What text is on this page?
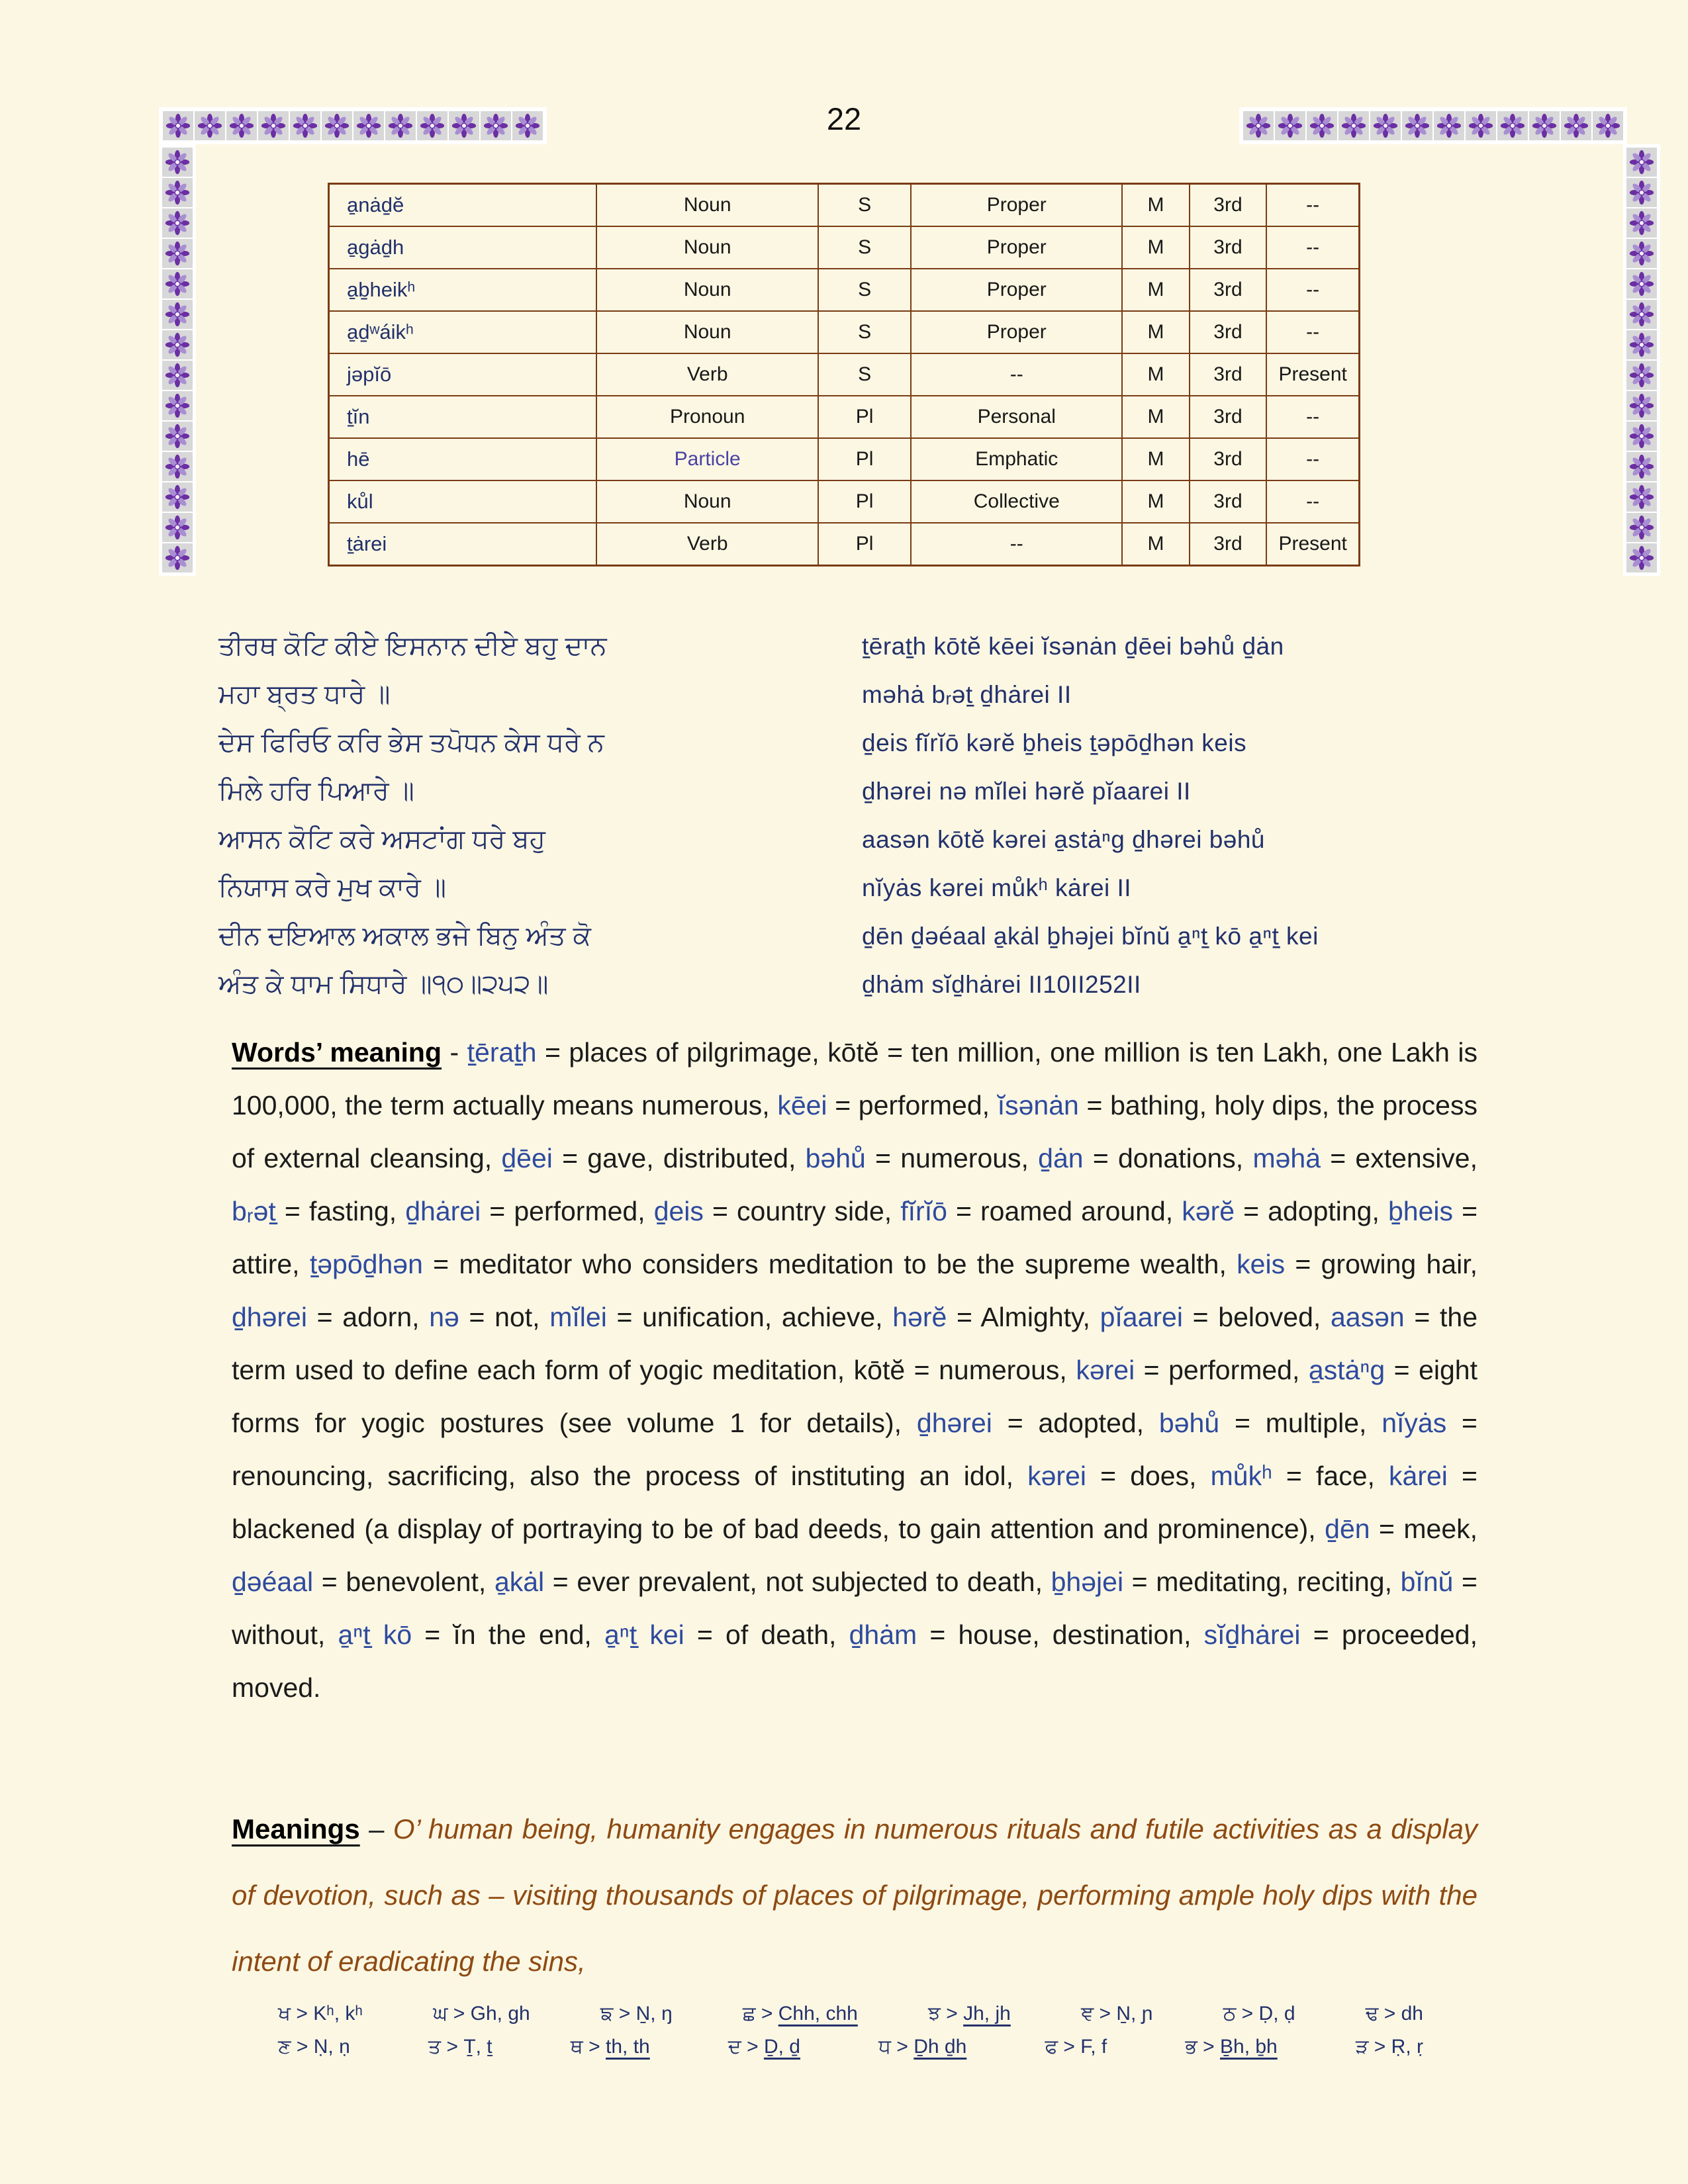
22
a̱nȧd̠ĕ	Noun	S	Proper	M	3rd	--
a̱gȧd̠h	Noun	S	Proper	M	3rd	--
a̱b̠heikʰ	Noun	S	Proper	M	3rd	--
a̱d̠ʷáikʰ	Noun	S	Proper	M	3rd	--
jəpĭō	Verb	S	--	M	3rd	Present
t̠ĭn	Pronoun	Pl	Personal	M	3rd	--
hē	Particle	Pl	Emphatic	M	3rd	--
kůl	Noun	Pl	Collective	M	3rd	--
t̠ȧrei	Verb	Pl	--	M	3rd	Present
ਤੀਰਥ ਕੋਟਿ ਕੀਏ ਇਸਨਾਨ ਦੀਏ ਬਹੁ ਦਾਨ	t̠ērat̠h kōtĕ kēei ĭsənȧn d̠ēei bəhů d̠ȧn
ਮਹਾ ਬ੍ਰਤ ਧਾਰੇ ॥	məhȧ bᵣət̠ d̠hȧrei II
ਦੇਸ ਫਿਰਿਓ ਕਰਿ ਭੇਸ ਤਪੋਧਨ ਕੇਸ ਧਰੇ ਨ	d̠eis fĭrĭō kərĕ b̠heis t̠əpōd̠hən keis
ਮਿਲੇ ਹਰਿ ਪਿਆਰੇ ॥	d̠hərei nə mĭlei hərĕ pĭaarei II
ਆਸਨ ਕੋਟਿ ਕਰੇ ਅਸਟਾਂਗ ਧਰੇ ਬਹੁ	aasən kōtĕ kərei a̱stȧⁿg d̠hərei bəhů
ਨਿਯਾਸ ਕਰੇ ਮੁਖ ਕਾਰੇ ॥	nĭyȧs kərei můkʰ kȧrei II
ਦੀਨ ਦਇਆਲ ਅਕਾਲ ਭਜੇ ਬਿਨੁ ਅੰਤ ਕੋ	d̠ēn d̠əéaal a̱kȧl b̠həjei bĭnŭ a̱ⁿt̠ kō a̱ⁿt̠ kei
ਅੰਤ ਕੇ ਧਾਮ ਸਿਧਾਰੇ ॥੧੦॥੨੫੨॥	d̠hȧm sĭd̠hȧrei II10II252II
Words’ meaning - t̠ērat̠h = places of pilgrimage, kōtĕ = ten million, one million is ten Lakh, one Lakh is 100,000, the term actually means numerous, kēei = performed, ĭsənȧn = bathing, holy dips, the process of external cleansing, d̠ēei = gave, distributed, bəhů = numerous, d̠ȧn = donations, məhȧ = extensive, bᵣət̠ = fasting, d̠hȧrei = performed, d̠eis = country side, fĭrĭō = roamed around, kərĕ = adopting, b̠heis = attire, t̠əpōd̠hən = meditator who considers meditation to be the supreme wealth, keis = growing hair, d̠hərei = adorn, nə = not, mĭlei = unification, achieve, hərĕ = Almighty, pĭaarei = beloved, aasən = the term used to define each form of yogic meditation, kōtĕ = numerous, kərei = performed, a̱stȧⁿg = eight forms for yogic postures (see volume 1 for details), d̠hərei = adopted, bəhů = multiple, nĭyȧs = renouncing, sacrificing, also the process of instituting an idol, kərei = does, můkʰ = face, kȧrei = blackened (a display of portraying to be of bad deeds, to gain attention and prominence), d̠ēn = meek, d̠əéaal = benevolent, a̱kȧl = ever prevalent, not subjected to death, b̠həjei = meditating, reciting, bĭnŭ = without, a̱ⁿt̠ kō = ĭn the end, a̱ⁿt̠ kei = of death, d̠hȧm = house, destination, sĭd̠hȧrei = proceeded, moved.
Meanings – O’ human being, humanity engages in numerous rituals and futile activities as a display of devotion, such as – visiting thousands of places of pilgrimage, performing ample holy dips with the intent of eradicating the sins,
ਖ > Kʰ, kʰ	ਘ > Gh, gh	ਙ > Ṉ, ŋ	ਛ > Chh, chh	ਝ > Jh, jh	ਞ > Ṉ, ɲ	ਠ > Ḍ, ḍ	ਢ > dh
ਣ > Ṇ, ṇ	ਤ > Ṯ, ṯ	ਥ > th, th	ਦ > Ḏ, ḏ	ਧ > Ḏh ḏh	ਫ > F, f	ਭ > Ḇh, ḇh	ੜ > Ṛ, ṛ
